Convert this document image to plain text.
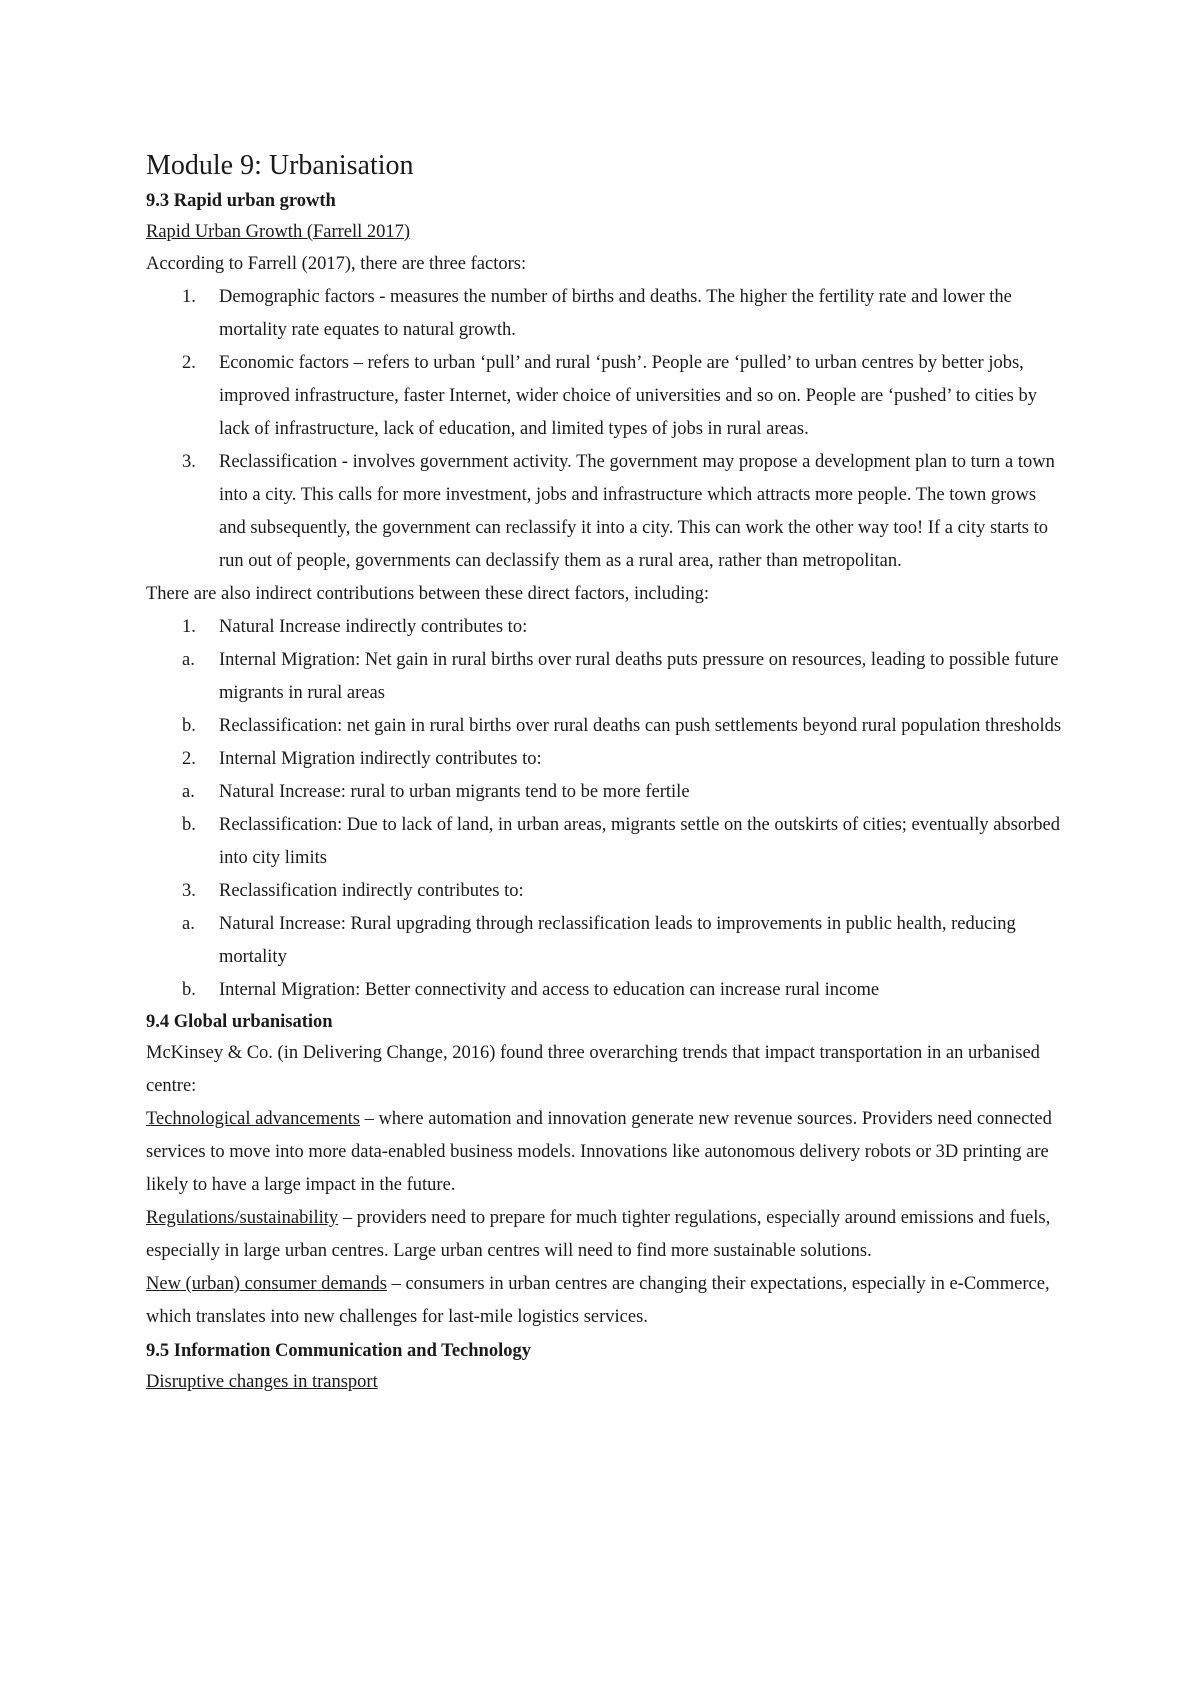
Module 9: Urbanisation
9.3 Rapid urban growth
Rapid Urban Growth (Farrell 2017)

According to Farrell (2017), there are three factors:

1.	Demographic factors - measures the number of births and deaths. The higher the fertility rate and lower the mortality rate equates to natural growth.
2.	Economic factors – refers to urban ‘pull’ and rural ‘push’. People are ‘pulled’ to urban centres by better jobs, improved infrastructure, faster Internet, wider choice of universities and so on. People are ‘pushed’ to cities by lack of infrastructure, lack of education, and limited types of jobs in rural areas.
3.	Reclassification - involves government activity. The government may propose a development plan to turn a town into a city. This calls for more investment, jobs and infrastructure which attracts more people. The town grows and subsequently, the government can reclassify it into a city. This can work the other way too! If a city starts to run out of people, governments can declassify them as a rural area, rather than metropolitan.

There are also indirect contributions between these direct factors, including:

1.	Natural Increase indirectly contributes to:
a.	Internal Migration: Net gain in rural births over rural deaths puts pressure on resources, leading to possible future migrants in rural areas
b.	Reclassification: net gain in rural births over rural deaths can push settlements beyond rural population thresholds
2.	Internal Migration indirectly contributes to:
a.	Natural Increase: rural to urban migrants tend to be more fertile
b.	Reclassification: Due to lack of land, in urban areas, migrants settle on the outskirts of cities; eventually absorbed into city limits
3.	Reclassification indirectly contributes to:
a.	Natural Increase: Rural upgrading through reclassification leads to improvements in public health, reducing mortality
b.	Internal Migration: Better connectivity and access to education can increase rural income
9.4 Global urbanisation

McKinsey & Co. (in Delivering Change, 2016) found three overarching trends that impact transportation in an urbanised centre:

Technological advancements – where automation and innovation generate new revenue sources. Providers need connected services to move into more data-enabled business models. Innovations like autonomous delivery robots or 3D printing are likely to have a large impact in the future.

Regulations/sustainability – providers need to prepare for much tighter regulations, especially around emissions and fuels, especially in large urban centres. Large urban centres will need to find more sustainable solutions.

New (urban) consumer demands – consumers in urban centres are changing their expectations, especially in e-Commerce, which translates into new challenges for last-mile logistics services.

9.5 Information Communication and Technology
Disruptive changes in transport
